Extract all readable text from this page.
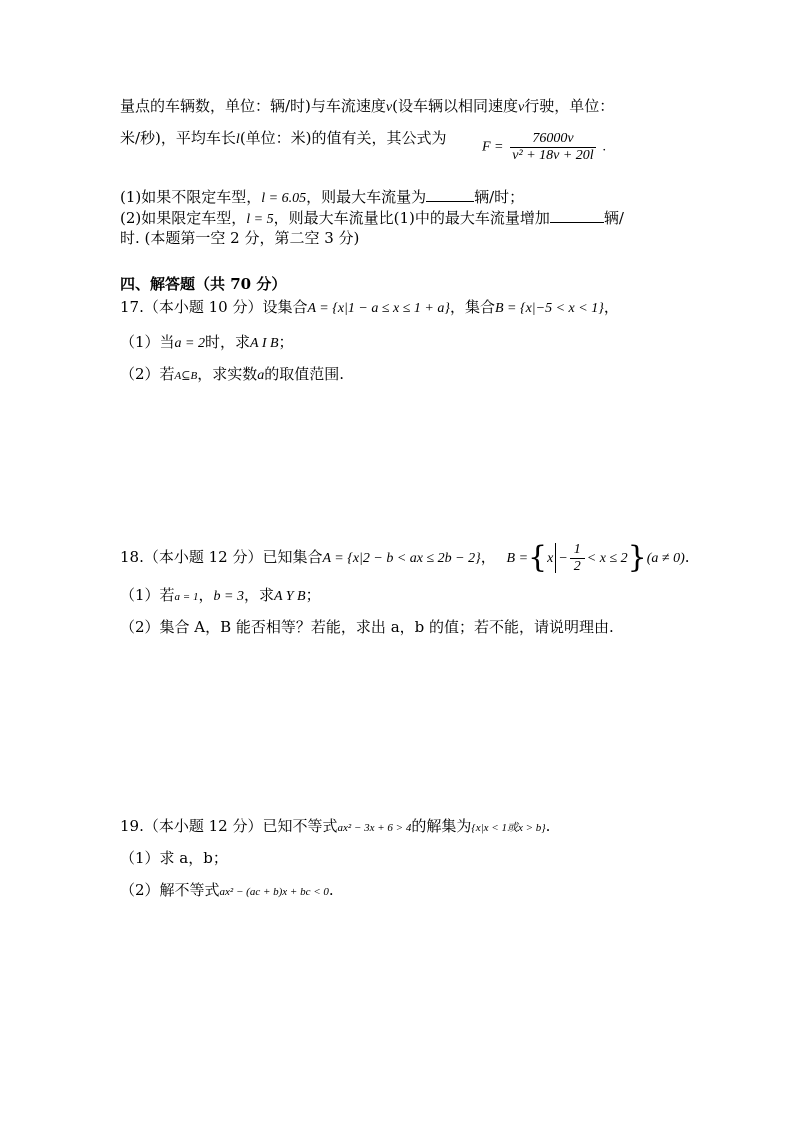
量点的车辆数，单位：辆/时)与车流速度v(设车辆以相同速度v行驶，单位：
米/秒)，平均车长l(单位：米)的值有关，其公式为	$F = \frac{76000v}{\text{v² + 18v + 20l}}$ .
(1)如果不限定车型，l = 6.05，则最大车流量为	辆/时；
(2)如果限定车型，l = 5，则最大车流量比(1)中的最大车流量增加	辆/
时. (本题第一空 2 分，第二空 3 分)
四、解答题（共 70 分）
17.（本小题 10 分）设集合A = {x|1 − a ≤ x ≤ 1 + a}，集合B = {x|−5 < x < 1}，
（1）当a = 2时，求A I B；
（2）若A⊆B，求实数a的取值范围.
18.（本小题 12 分）已知集合A = {x|2 − b < ax ≤ 2b − 2}， $B =\{x - \frac{1}{2} < x \le 2\}(a \ne 0)$.
（1）若a = 1，b = 3，求A Y B；
（2）集合 A，B 能否相等？若能，求出 a，b 的值；若不能，请说明理由.
19.（本小题 12 分）已知不等式ax² − 3x + 6 > 4的解集为{x|x < 1或x > b}.
（1）求 a，b；
（2）解不等式ax² − (ac + b)x + bc < 0.
